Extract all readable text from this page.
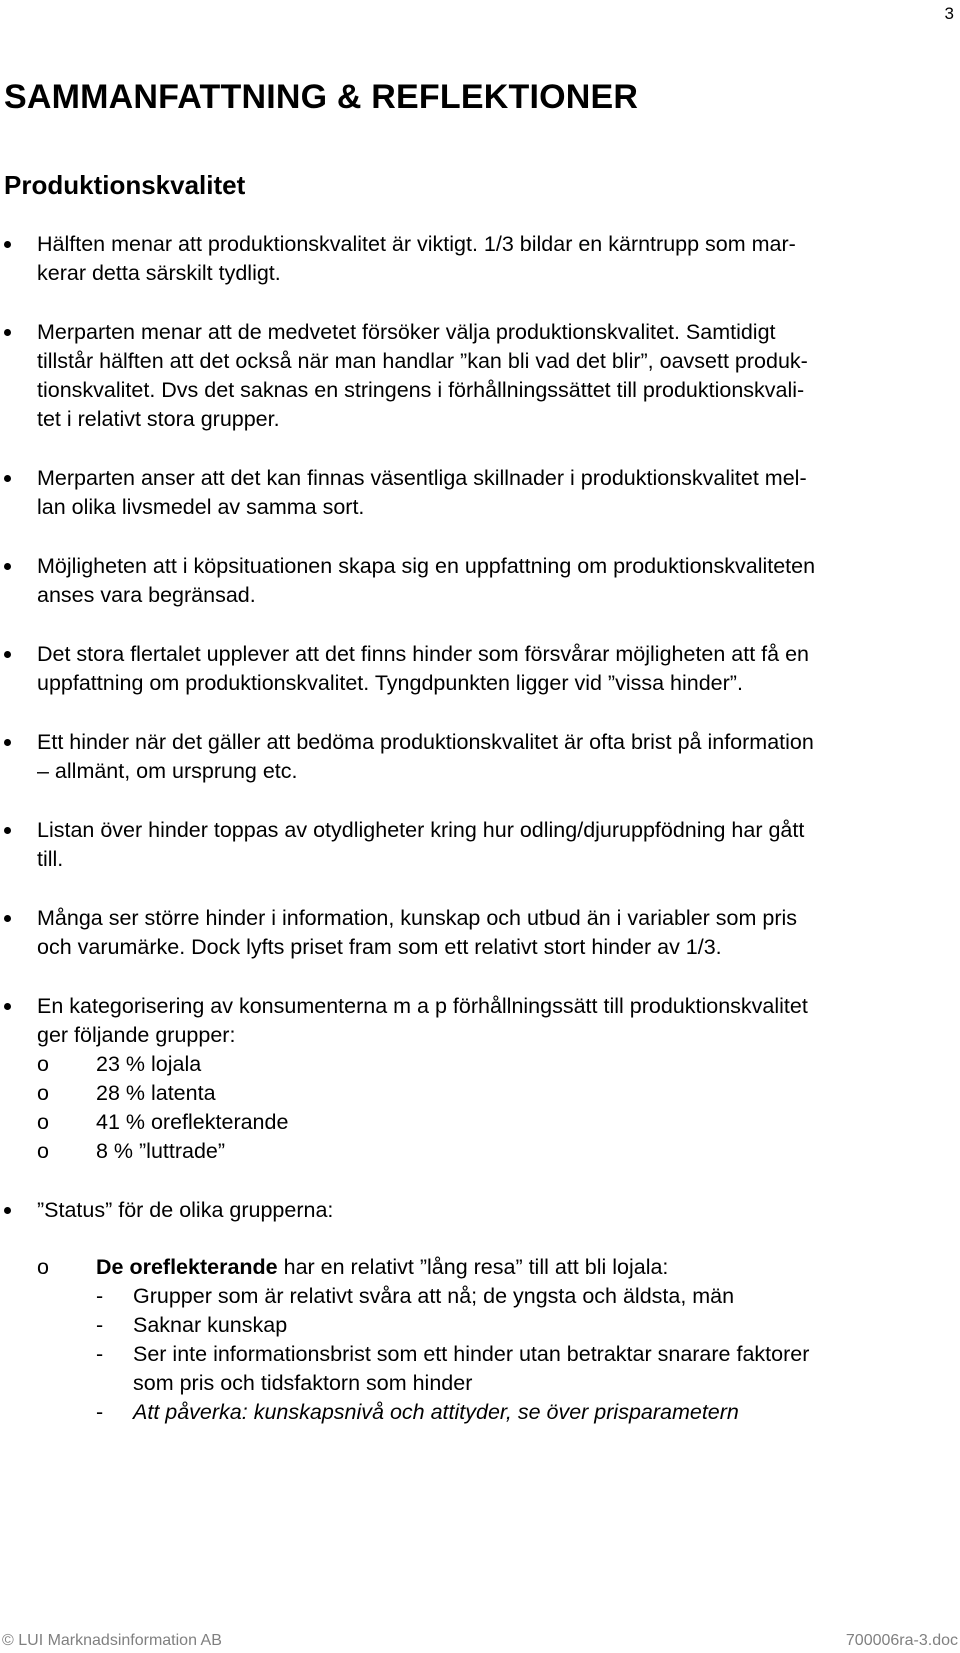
3
SAMMANFATTNING & REFLEKTIONER
Produktionskvalitet
Hälften menar att produktionskvalitet är viktigt. 1/3 bildar en kärntrupp som mar-
kerar detta särskilt tydligt.
Merparten menar att de medvetet försöker välja produktionskvalitet. Samtidigt
tillstår hälften att det också när man handlar ”kan bli vad det blir”, oavsett produk-
tionskvalitet. Dvs det saknas en stringens i förhållningssättet till produktionskvali-
tet i relativt stora grupper.
Merparten anser att det kan finnas väsentliga skillnader i produktionskvalitet mel-
lan olika livsmedel av samma sort.
Möjligheten att i köpsituationen skapa sig en uppfattning om produktionskvaliteten
anses vara begränsad.
Det stora flertalet upplever att det finns hinder som försvårar möjligheten att få en
uppfattning om produktionskvalitet. Tyngdpunkten ligger vid ”vissa hinder”.
Ett hinder när det gäller att bedöma produktionskvalitet är ofta brist på information
– allmänt, om ursprung etc.
Listan över hinder toppas av otydligheter kring hur odling/djuruppfödning har gått
till.
Många ser större hinder i information, kunskap och utbud än i variabler som pris
och varumärke. Dock lyfts priset fram som ett relativt stort hinder av 1/3.
En kategorisering av konsumenterna m a p förhållningssätt till produktionskvalitet
ger följande grupper:
o 23 % lojala
o 28 % latenta
o 41 % oreflekterande
o 8 % ”luttrade”
”Status” för de olika grupperna:
o De oreflekterande har en relativt ”lång resa” till att bli lojala:
- Grupper som är relativt svåra att nå; de yngsta och äldsta, män
- Saknar kunskap
- Ser inte informationsbrist som ett hinder utan betraktar snarare faktorer
som pris och tidsfaktorn som hinder
- Att påverka: kunskapsnivå och attityder, se över prisparametern
© LUI Marknadsinformation AB	700006ra-3.doc
